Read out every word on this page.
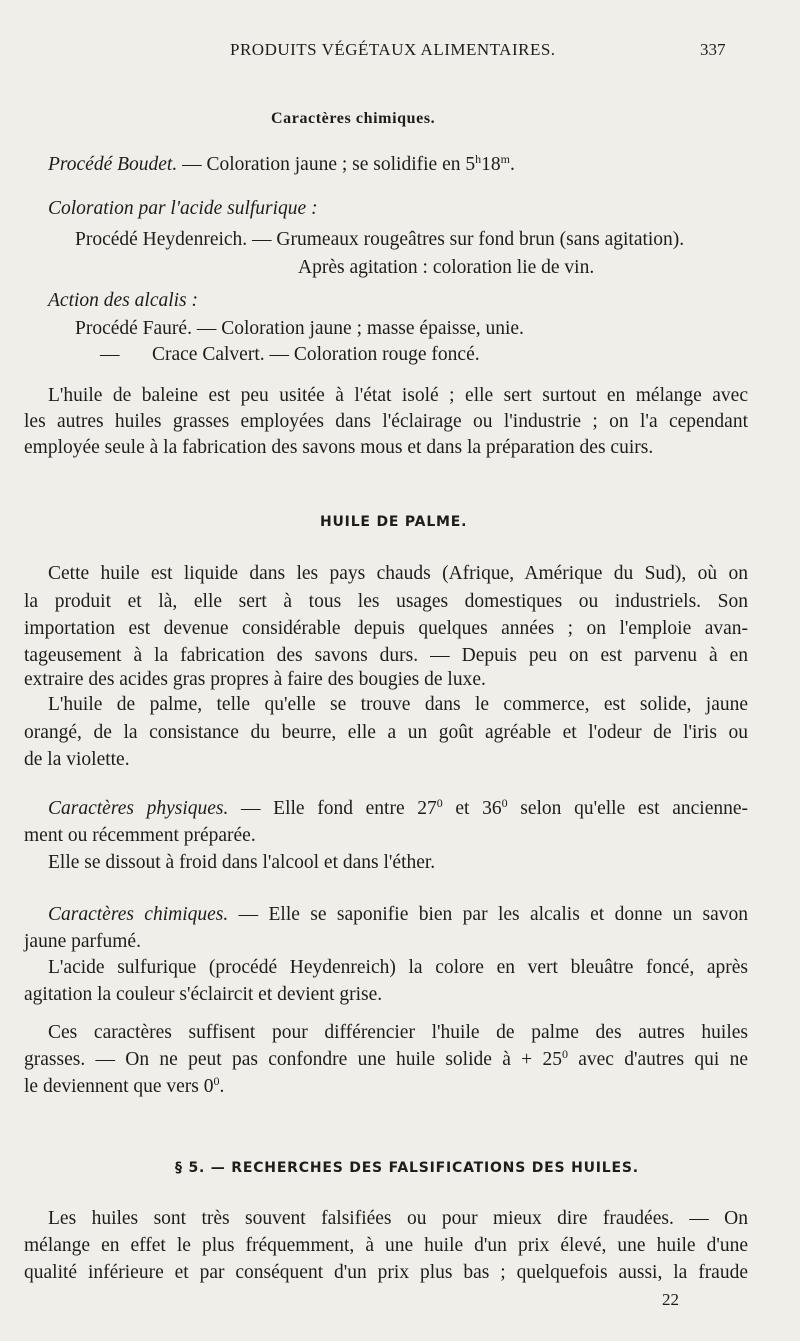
PRODUITS VÉGÉTAUX ALIMENTAIRES.	337
Caractères chimiques.
Procédé Boudet. — Coloration jaune ; se solidifie en 5$^h$18$^m$.
Coloration par l'acide sulfurique :
Procédé Heydenreich. — Grumeaux rougeâtres sur fond brun (sans agitation).
Après agitation : coloration lie de vin.
Action des alcalis :
Procédé Fauré. — Coloration jaune ; masse épaisse, unie.
— Crace Calvert. — Coloration rouge foncé.
L'huile de baleine est peu usitée à l'état isolé ; elle sert surtout en mélange avec
les autres huiles grasses employées dans l'éclairage ou l'industrie ; on l'a cependant
employée seule à la fabrication des savons mous et dans la préparation des cuirs.
HUILE DE PALME.
Cette huile est liquide dans les pays chauds (Afrique, Amérique du Sud), où on
la produit et là, elle sert à tous les usages domestiques ou industriels. Son
importation est devenue considérable depuis quelques années ; on l'emploie avan-
tageusement à la fabrication des savons durs. — Depuis peu on est parvenu à en
extraire des acides gras propres à faire des bougies de luxe.
L'huile de palme, telle qu'elle se trouve dans le commerce, est solide, jaune
orangé, de la consistance du beurre, elle a un goût agréable et l'odeur de l'iris ou
de la violette.
Caractères physiques. — Elle fond entre $27^0$ et $36^0$ selon qu'elle est ancienne-
ment ou récemment préparée.
Elle se dissout à froid dans l'alcool et dans l'éther.
Caractères chimiques. — Elle se saponifie bien par les alcalis et donne un savon
jaune parfumé.
L'acide sulfurique (procédé Heydenreich) la colore en vert bleuâtre foncé, après
agitation la couleur s'éclaircit et devient grise.
Ces caractères suffisent pour différencier l'huile de palme des autres huiles
grasses. — On ne peut pas confondre une huile solide à + $25^0$ avec d'autres qui ne
le deviennent que vers $0^0$.
§ 5. — RECHERCHES DES FALSIFICATIONS DES HUILES.
Les huiles sont très souvent falsifiées ou pour mieux dire fraudées. — On
mélange en effet le plus fréquemment, à une huile d'un prix élevé, une huile d'une
qualité inférieure et par conséquent d'un prix plus bas ; quelquefois aussi, la fraude
22
